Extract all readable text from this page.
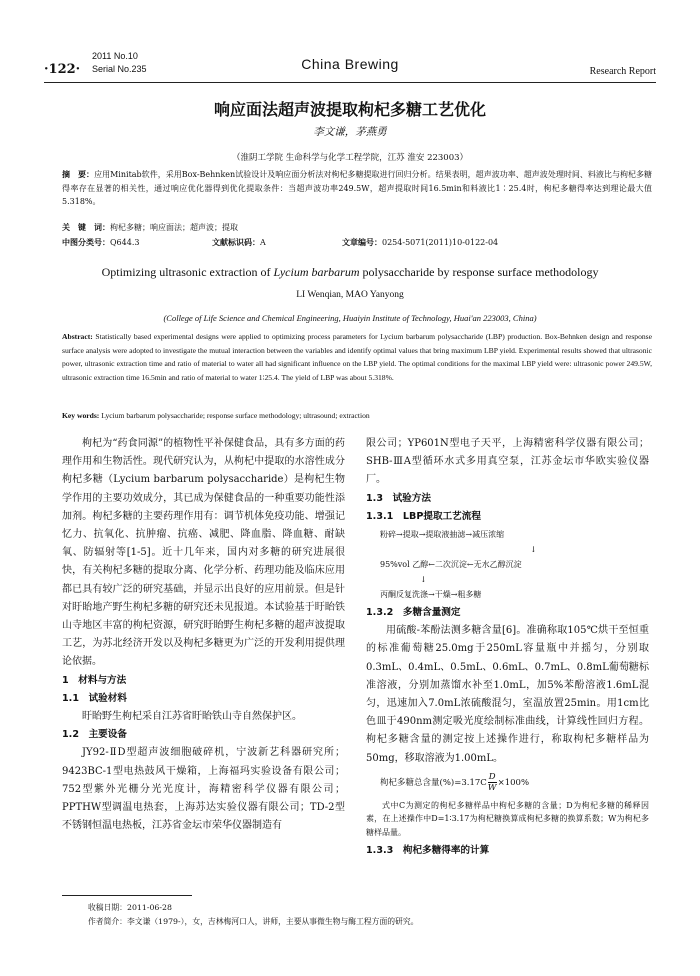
·122·
2011 No.10
Serial No.235	China Brewing	Research Report
响应面法超声波提取枸杞多糖工艺优化
李文谦，茅燕勇
（淮阴工学院 生命科学与化学工程学院，江苏 淮安 223003）
摘　要：应用Minitab软件，采用Box-Behnken试验设计及响应面分析法对枸杞多糖提取进行回归分析。结果表明，超声波功率、超声波处理时间、料液比与枸杞多糖得率存在显著的相关性，通过响应优化器得到优化提取条件：当超声波功率249.5W，超声提取时间16.5min和料液比1∶25.4时，枸杞多糖得率达到理论最大值5.318%。
关　键　词：枸杞多糖；响应面法；超声波；提取
中图分类号：Q644.3	文献标识码：A	文章编号：0254-5071(2011)10-0122-04
Optimizing ultrasonic extraction of Lycium barbarum polysaccharide by response surface methodology
LI Wenqian, MAO Yanyong
(College of Life Science and Chemical Engineering, Huaiyin Institute of Technology, Huai'an 223003, China)
Abstract: Statistically based experimental designs were applied to optimizing process parameters for Lycium barbarum polysaccharide (LBP) production. Box-Behnken design and response surface analysis were adopted to investigate the mutual interaction between the variables and identify optimal values that bring maximum LBP yield. Experimental results showed that ultrasonic power, ultrasonic extraction time and ratio of material to water all had significant influence on the LBP yield. The optimal conditions for the maximal LBP yield were: ultrasonic power 249.5W, ultrasonic extraction time 16.5min and ratio of material to water 1∶25.4. The yield of LBP was about 5.318%.
Key words: Lycium barbarum polysaccharide; response surface methodology; ultrasound; extraction

枸杞为“药食同源”的植物性平补保健食品，具有多方面的药理作用和生物活性。现代研究认为，从枸杞中提取的水溶性成分枸杞多糖（Lycium barbarum polysaccharide）是枸杞生物学作用的主要功效成分，其已成为保健食品的一种重要功能性添加剂。枸杞多糖的主要药理作用有：调节机体免疫功能、增强记忆力、抗氧化、抗肿瘤、抗癌、减肥、降血脂、降血糖、耐缺氧、防辐射等[1-5]。近十几年来，国内对多糖的研究进展很快，有关枸杞多糖的提取分离、化学分析、药理功能及临床应用都已具有较广泛的研究基础，并显示出良好的应用前景。但是针对盱眙地产野生枸杞多糖的研究还未见报道。本试验基于盱眙铁山寺地区丰富的枸杞资源，研究盱眙野生枸杞多糖的超声波提取工艺，为苏北经济开发以及枸杞多糖更为广泛的开发利用提供理论依据。

1　材料与方法
1.1　试验材料

盱眙野生枸杞采自江苏省盱眙铁山寺自然保护区。

1.2　主要设备

JY92-ⅡD型超声波细胞破碎机，宁波新艺科器研究所；9423BC-1型电热鼓风干燥箱，上海福玛实验设备有限公司；752型紫外光栅分光光度计，海精密科学仪器有限公司；PPTHW型调温电热套，上海苏达实验仪器有限公司；TD-2型不锈钢恒温电热板，江苏省金坛市荣华仪器制造有

限公司；YP601N型电子天平，上海精密科学仪器有限公司；SHB-ⅢA型循环水式多用真空泵，江苏金坛市华欧实验仪器厂。

1.3　试验方法
1.3.1　LBP提取工艺流程
粉碎→提取→提取液抽滤→减压浓缩
↓
95%vol 乙醇←二次沉淀←无水乙醇沉淀
↓
丙酮反复洗涤→干燥→粗多糖
1.3.2　多糖含量测定

用硫酸-苯酚法测多糖含量[6]。准确称取105℃烘干至恒重的标准葡萄糖25.0mg于250mL容量瓶中并摇匀，分别取0.3mL、0.4mL、0.5mL、0.6mL、0.7mL、0.8mL葡萄糖标准溶液，分别加蒸馏水补至1.0mL，加5%苯酚溶液1.6mL混匀，迅速加入7.0mL浓硫酸混匀，室温放置25min。用1cm比色皿于490nm测定吸光度绘制标准曲线，计算线性回归方程。枸杞多糖含量的测定按上述操作进行，称取枸杞多糖样品为50mg，移取溶液为1.00mL。

枸杞多糖总含量$(\%)=3.17C \frac{D}{W} \times 100\%$

式中C为测定的枸杞多糖样品中枸杞多糖的含量；D为枸杞多糖的稀释因素，在上述操作中D=1∶3.17为枸杞糖换算成枸杞多糖的换算系数；W为枸杞多糖样品量。

1.3.3　枸杞多糖得率的计算
收稿日期：2011-06-28
作者简介：李文谦（1979-），女，吉林梅河口人，讲师，主要从事微生物与酶工程方面的研究。
